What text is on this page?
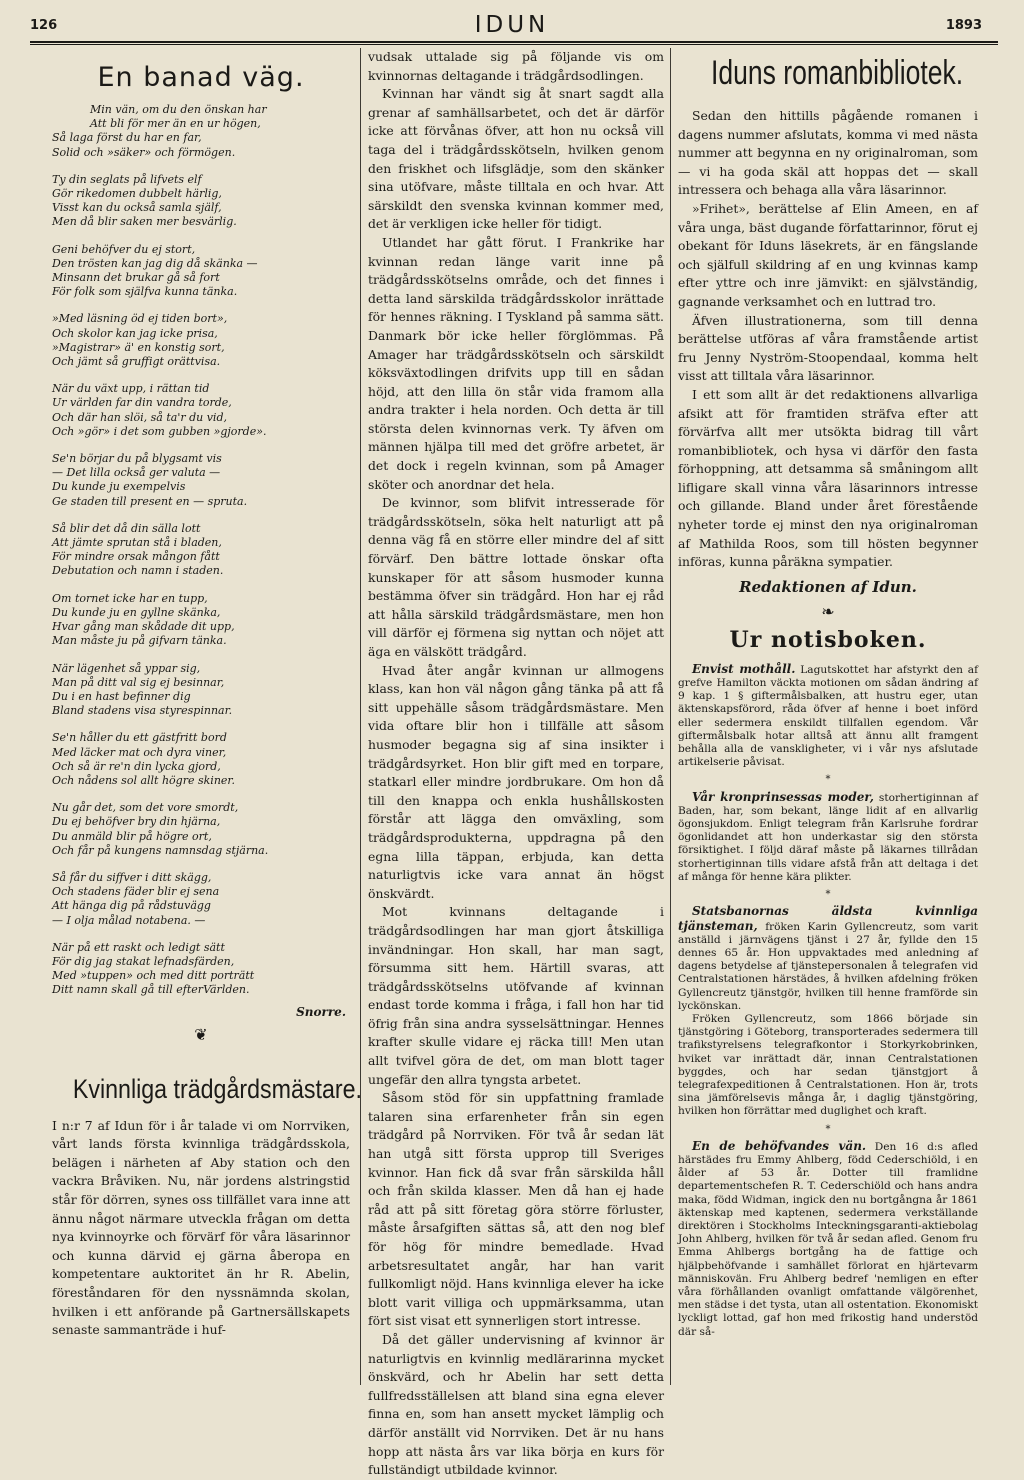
126	IDUN	1893
En banad väg.
Min vän, om du den önskan har
Att bli för mer än en ur högen,
Så laga först du har en far,
Solid och »säker» och förmögen.
Ty din seglats på lifvets elf
Gör rikedomen dubbelt härlig,
Visst kan du också samla själf,
Men då blir saken mer besvärlig.
Geni behöfver du ej stort,
Den trösten kan jag dig då skänka —
Minsann det brukar gå så fort
För folk som själfva kunna tänka.
»Med läsning öd ej tiden bort»,
Och skolor kan jag icke prisa,
»Magistrar» ä' en konstig sort,
Och jämt så gruffigt orättvisa.
När du växt upp, i rättan tid
Ur världen far din vandra torde,
Och där han slöi, så ta'r du vid,
Och »gör» i det som gubben »gjorde».
Se'n börjar du på blygsamt vis
— Det lilla också ger valuta —
Du kunde ju exempelvis
Ge staden till present en — spruta.
Så blir det då din sälla lott
Att jämte sprutan stå i bladen,
För mindre orsak mångon fått
Debutation och namn i staden.
Om tornet icke har en tupp,
Du kunde ju en gyllne skänka,
Hvar gång man skådade dit upp,
Man måste ju på gifvarn tänka.
När lägenhet så yppar sig,
Man på ditt val sig ej besinnar,
Du i en hast befinner dig
Bland stadens visa styrespinnar.
Se'n håller du ett gästfritt bord
Med läcker mat och dyra viner,
Och så är re'n din lycka gjord,
Och nådens sol allt högre skiner.
Nu går det, som det vore smordt,
Du ej behöfver bry din hjärna,
Du anmäld blir på högre ort,
Och får på kungens namnsdag stjärna.
Så får du siffver i ditt skägg,
Och stadens fäder blir ej sena
Att hänga dig på rådstuvägg
— I olja målad notabena. —
När på ett raskt och ledigt sätt
För dig jag stakat lefnadsfärden,
Med »tuppen» och med ditt porträtt
Ditt namn skall gå till efterVärlden.
Snorre.
❦
Kvinnliga trädgårdsmästare.

I n:r 7 af Idun för i år talade vi om Norrviken, vårt lands första kvinnliga trädgårdsskola, belägen i närheten af Aby station och den vackra Bråviken. Nu, när jordens alstringstid står för dörren, synes oss tillfället vara inne att ännu något närmare utveckla frågan om detta nya kvinnoyrke och förvärf för våra läsarinnor och kunna därvid ej gärna åberopa en kompetentare auktoritet än hr R. Abelin, föreståndaren för den nyssnämnda skolan, hvilken i ett anförande på Gartnersällskapets senaste sammanträde i huf-

vudsak uttalade sig på följande vis om kvinnornas deltagande i trädgårdsodlingen.

Kvinnan har vändt sig åt snart sagdt alla grenar af samhällsarbetet, och det är därför icke att förvånas öfver, att hon nu också vill taga del i trädgårdsskötseln, hvilken genom den friskhet och lifsglädje, som den skänker sina utöfvare, måste tilltala en och hvar. Att särskildt den svenska kvinnan kommer med, det är verkligen icke heller för tidigt.

Utlandet har gått förut. I Frankrike har kvinnan redan länge varit inne på trädgårdsskötselns område, och det finnes i detta land särskilda trädgårdsskolor inrättade för hennes räkning. I Tyskland på samma sätt. Danmark bör icke heller förglömmas. På Amager har trädgårdsskötseln och särskildt köksväxtodlingen drifvits upp till en sådan höjd, att den lilla ön står vida framom alla andra trakter i hela norden. Och detta är till största delen kvinnornas verk. Ty äfven om männen hjälpa till med det gröfre arbetet, är det dock i regeln kvinnan, som på Amager sköter och anordnar det hela.

De kvinnor, som blifvit intresserade för trädgårdsskötseln, söka helt naturligt att på denna väg få en större eller mindre del af sitt förvärf. Den bättre lottade önskar ofta kunskaper för att såsom husmoder kunna bestämma öfver sin trädgård. Hon har ej råd att hålla särskild trädgårdsmästare, men hon vill därför ej förmena sig nyttan och nöjet att äga en välskött trädgård.

Hvad åter angår kvinnan ur allmogens klass, kan hon väl någon gång tänka på att få sitt uppehälle såsom trädgårdsmästare. Men vida oftare blir hon i tillfälle att såsom husmoder begagna sig af sina insikter i trädgårdsyrket. Hon blir gift med en torpare, statkarl eller mindre jordbrukare. Om hon då till den knappa och enkla hushållskosten förstår att lägga den omväxling, som trädgårdsprodukterna, uppdragna på den egna lilla täppan, erbjuda, kan detta naturligtvis icke vara annat än högst önskvärdt.

Mot kvinnans deltagande i trädgårdsodlingen har man gjort åtskilliga invändningar. Hon skall, har man sagt, försumma sitt hem. Härtill svaras, att trädgårdsskötselns utöfvande af kvinnan endast torde komma i fråga, i fall hon har tid öfrig från sina andra sysselsättningar. Hennes krafter skulle vidare ej räcka till! Men utan allt tvifvel göra de det, om man blott tager ungefär den allra tyngsta arbetet.

Såsom stöd för sin uppfattning framlade talaren sina erfarenheter från sin egen trädgård på Norrviken. För två år sedan lät han utgå sitt första upprop till Sveriges kvinnor. Han fick då svar från särskilda håll och från skilda klasser. Men då han ej hade råd att på sitt företag göra större förluster, måste årsafgiften sättas så, att den nog blef för hög för mindre bemedlade. Hvad arbetsresultatet angår, har han varit fullkomligt nöjd. Hans kvinnliga elever ha icke blott varit villiga och uppmärksamma, utan fört sist visat ett synnerligen stort intresse.

Då det gäller undervisning af kvinnor är naturligtvis en kvinnlig medlärarinna mycket önskvärd, och hr Abelin har sett detta fullfredsställelsen att bland sina egna elever finna en, som han ansett mycket lämplig och därför anställt vid Norrviken. Det är nu hans hopp att nästa års var lika börja en kurs för fullständigt utbildade kvinnor.

Iduns romanbibliotek.

Sedan den hittills pågående romanen i dagens nummer afslutats, komma vi med nästa nummer att begynna en ny originalroman, som — vi ha goda skäl att hoppas det — skall intressera och behaga alla våra läsarinnor.

»Frihet», berättelse af Elin Ameen, en af våra unga, bäst dugande författarinnor, förut ej obekant för Iduns läsekrets, är en fängslande och själfull skildring af en ung kvinnas kamp efter yttre och inre jämvikt: en självständig, gagnande verksamhet och en luttrad tro.

Äfven illustrationerna, som till denna berättelse utföras af våra framstående artist fru Jenny Nyström-Stoopendaal, komma helt visst att tilltala våra läsarinnor.

I ett som allt är det redaktionens allvarliga afsikt att för framtiden sträfva efter att förvärfva allt mer utsökta bidrag till vårt romanbibliotek, och hysa vi därför den fasta förhoppning, att detsamma så småningom allt lifligare skall vinna våra läsarinnors intresse och gillande. Bland under året förestående nyheter torde ej minst den nya originalroman af Mathilda Roos, som till hösten begynner införas, kunna påräkna sympatier.

Redaktionen af Idun.
❧
Ur notisboken.

Envist mothåll. Lagutskottet har afstyrkt den af grefve Hamilton väckta motionen om sådan ändring af 9 kap. 1 § giftermålsbalken, att hustru eger, utan äktenskapsförord, råda öfver af henne i boet införd eller sedermera enskildt tillfallen egendom. Vår giftermålsbalk hotar alltså att ännu allt framgent behålla alla de vanskligheter, vi i vår nys afslutade artikelserie påvisat.

*

Vår kronprinsessas moder, storhertiginnan af Baden, har, som bekant, länge lidit af en allvarlig ögonsjukdom. Enligt telegram från Karlsruhe fordrar ögonlidandet att hon underkastar sig den största försiktighet. I följd däraf måste på läkarnes tillrådan storhertiginnan tills vidare afstå från att deltaga i det af många för henne kära plikter.

*

Statsbanornas äldsta kvinnliga tjänsteman, fröken Karin Gyllencreutz, som varit anställd i järnvägens tjänst i 27 år, fyllde den 15 dennes 65 år. Hon uppvaktades med anledning af dagens betydelse af tjänstepersonalen å telegrafen vid Centralstationen härstädes, å hvilken afdelning fröken Gyllencreutz tjänstgör, hvilken till henne framförde sin lyckönskan.

Fröken Gyllencreutz, som 1866 började sin tjänstgöring i Göteborg, transporterades sedermera till trafikstyrelsens telegrafkontor i Storkyrkobrinken, hviket var inrättadt där, innan Centralstationen byggdes, och har sedan tjänstgjort å telegrafexpeditionen å Centralstationen. Hon är, trots sina jämförelsevis många år, i daglig tjänstgöring, hvilken hon förrättar med duglighet och kraft.

*

En de behöfvandes vän. Den 16 d:s afled härstädes fru Emmy Ahlberg, född Cederschiöld, i en ålder af 53 år. Dotter till framlidne departementschefen R. T. Cederschiöld och hans andra maka, född Widman, ingick den nu bortgångna år 1861 äktenskap med kaptenen, sedermera verkställande direktören i Stockholms Inteckningsgaranti-aktiebolag John Ahlberg, hvilken för två år sedan afled. Genom fru Emma Ahlbergs bortgång ha de fattige och hjälpbehöfvande i samhället förlorat en hjärtevarm människovän. Fru Ahlberg bedref 'nemligen en efter våra förhållanden ovanligt omfattande välgörenhet, men städse i det tysta, utan all ostentation. Ekonomiskt lyckligt lottad, gaf hon med frikostig hand understöd där så-
